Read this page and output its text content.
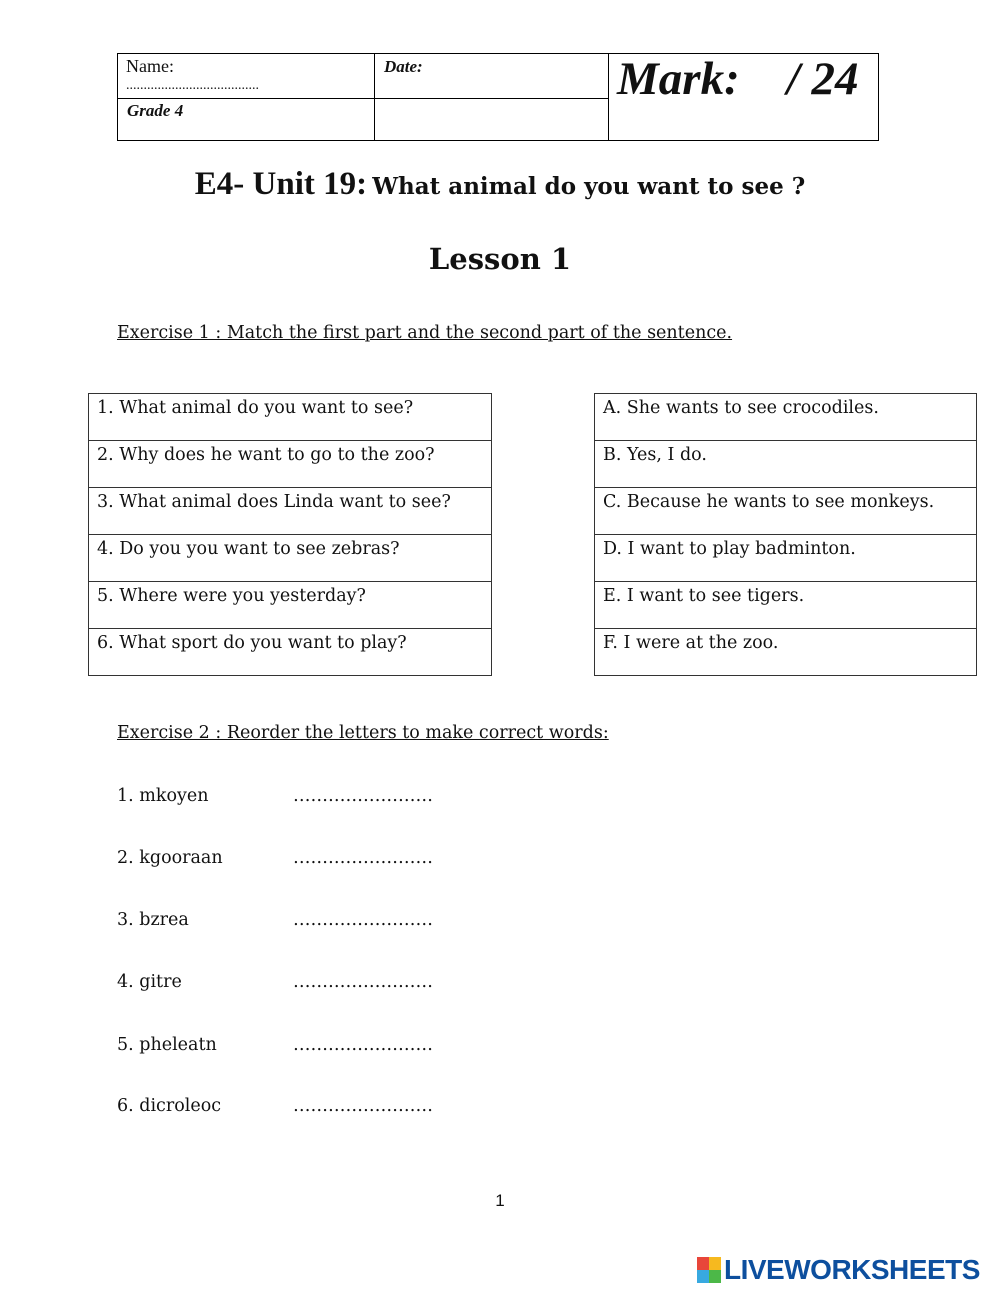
Name:
......................................
Date:
Grade 4
Mark:    / 24
E4- Unit 19: What animal do you want to see ?
Lesson 1
Exercise 1 : Match the first part and the second part of the sentence.
1. What animal do you want to see?
2. Why does he want to go to the zoo?
3. What animal does Linda want to see?
4. Do you you want to see zebras?
5. Where were you yesterday?
6. What sport do you want to play?
A. She wants to see crocodiles.
B. Yes, I do.
C. Because he wants to see monkeys.
D. I want to play badminton.
E. I want to see tigers.
F. I were at the zoo.
Exercise 2 : Reorder the letters to make correct words:
1. mkoyen	……………………
2. kgooraan	……………………
3. bzrea	……………………
4. gitre	……………………
5. pheleatn	……………………
6. dicroleoc	……………………
1
LIVEWORKSHEETS
